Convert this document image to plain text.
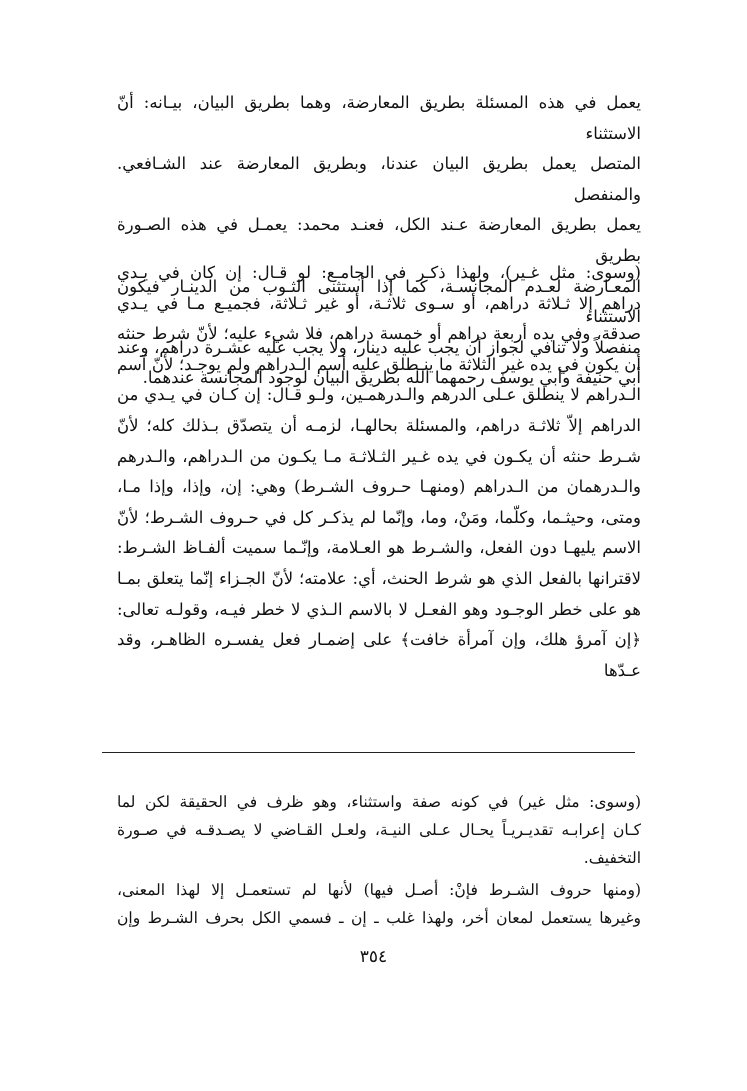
يعمل في هذه المسئلة بطريق المعارضة، وهما بطريق البيان، بيـانه: أنّ الاستثناء

المتصل يعمل بطريق البيان عندنا، وبطريق المعارضة عند الشـافعي. والمنفصل

يعمل بطريق المعارضة عـند الكل، فعنـد محمد: يعمـل في هذه الصـورة بطريق

المعـارضة لعـدم المجانسـة، كما إذا أستثنى الثـوب من الدينـار فيكون الاستثناء

منفصلاً ولا تنافي لجواز أن يجب عليه دينار، ولا يجب عليه عشـرة دراهم، وعند

أبي حنيفة وأبي يوسف رحمهما الله بطريق البيان لوجود المجانسة عندهما.

(وسوى: مثل غـير)، ولهذا ذكـر في الجامـع: لو قـال: إن كان في يـدي

دراهم إلا ثـلاثة دراهم، أو سـوى ثلاثـة، أو غير ثـلاثة، فجميـع مـا في يـدي

صدقة، وفي يده أربعة دراهم أو خمسة دراهم، فلا شيء عليه؛ لأنّ شرط حنثه

أن يكون في يده غير الثلاثة ما ينـطلق عليه أسم الـدراهم ولم يوجـد؛ لأنّ آسم

الـدراهم لا ينطلق عـلى الدرهم والـدرهمـين، ولـو قـال: إن كـان في يـدي من

الدراهم إلاّ ثلاثـة دراهم، والمسئلة بحالهـا، لزمـه أن يتصدّق بـذلك كله؛ لأنّ

شـرط حنثه أن يكـون في يده غـير الثـلاثـة مـا يكـون من الـدراهم، والـدرهم

والـدرهمان من الـدراهم (ومنهـا حـروف الشـرط) وهي: إن، وإذا، وإذا مـا،

ومتى، وحيثـما، وكلّما، ومَنْ، وما، وإنّما لم يذكـر كل في حـروف الشـرط؛ لأنّ

الاسم يليهـا دون الفعل، والشـرط هو العـلامة، وإنّـما سميت ألفـاظ الشـرط:

لاقترانها بالفعل الذي هو شرط الحنث، أي: علامته؛ لأنّ الجـزاء إنّما يتعلق بمـا

هو على خطر الوجـود وهو الفعـل لا بالاسم الـذي لا خطر فيـه، وقولـه تعالى:

﴿إن آمرؤ هلك، وإن آمرأة خافت﴾ على إضمـار فعل يفسـره الظاهـر، وقد عـدّها

(وسوى: مثل غير) في كونه صفة واستثناء، وهو ظرف في الحقيقة لكن لما

كـان إعرابـه تقديـريـاً يحـال عـلى النيـة، ولعـل القـاضي لا يصـدقـه في صـورة

التخفيف.

(ومنها حروف الشـرط فإنْ: أصـل فيها) لأنها لم تستعمـل إلا لهذا المعنى،

وغيرها يستعمل لمعان أخر، ولهذا غلب ـ إن ـ فسمي الكل بحرف الشـرط وإن

٣٥٤
